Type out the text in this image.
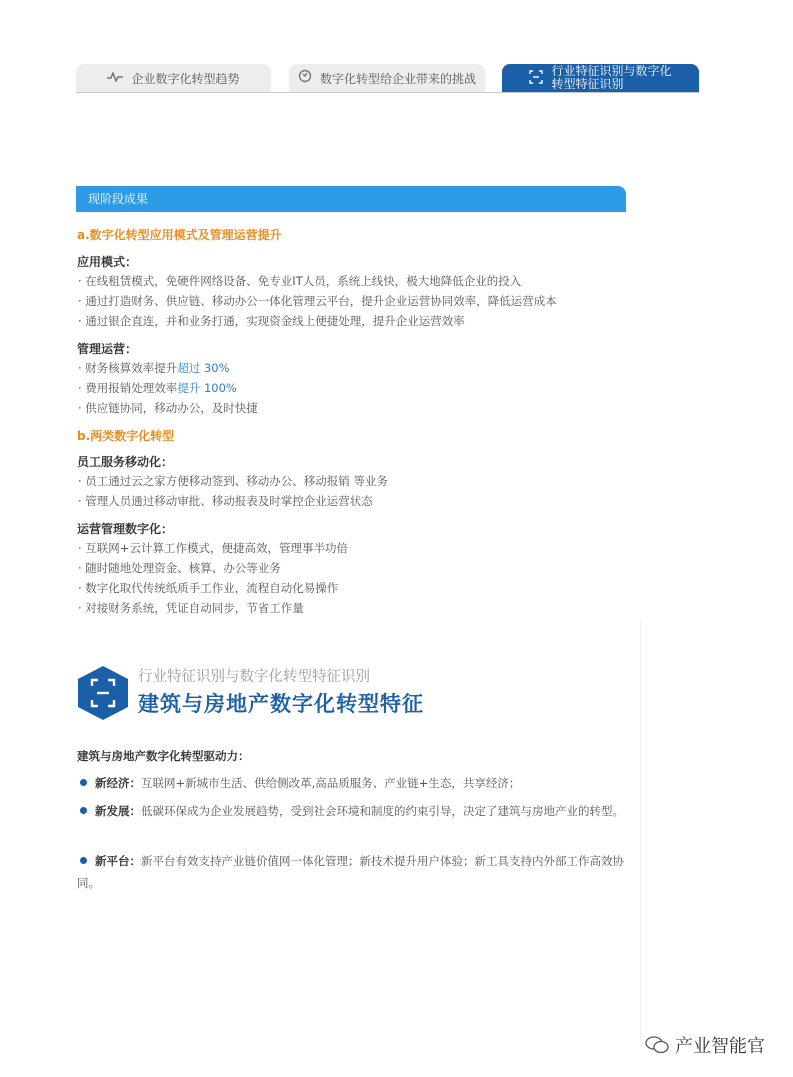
企业数字化转型趋势	数字化转型给企业带来的挑战
行业特征识别与数字化
转型特征识别
现阶段成果
a.数字化转型应用模式及管理运营提升
应用模式：
· 在线租赁模式，免硬件网络设备、免专业IT人员，系统上线快，极大地降低企业的投入
· 通过打造财务、供应链、移动办公一体化管理云平台，提升企业运营协同效率，降低运营成本
· 通过银企直连，并和业务打通，实现资金线上便捷处理，提升企业运营效率
管理运营：
· 财务核算效率提升超过 30%
· 费用报销处理效率提升 100%
· 供应链协同，移动办公，及时快捷
b.两类数字化转型
员工服务移动化：
· 员工通过云之家方便移动签到、移动办公、移动报销 等业务
· 管理人员通过移动审批、移动报表及时掌控企业运营状态
运营管理数字化：
· 互联网+云计算工作模式，便捷高效，管理事半功倍
· 随时随地处理资金、核算、办公等业务
· 数字化取代传统纸质手工作业，流程自动化易操作
· 对接财务系统，凭证自动同步，节省工作量
行业特征识别与数字化转型特征识别
建筑与房地产数字化转型特征
建筑与房地产数字化转型驱动力：
新经济：互联网+新城市生活、供给侧改革,高品质服务、产业链+生态，共享经济；
新发展：低碳环保成为企业发展趋势，受到社会环境和制度的约束引导，决定了建筑与房地产业的转型。
新平台：新平台有效支持产业链价值网一体化管理；新技术提升用户体验；新工具支持内外部工作高效协同。
产业智能官
